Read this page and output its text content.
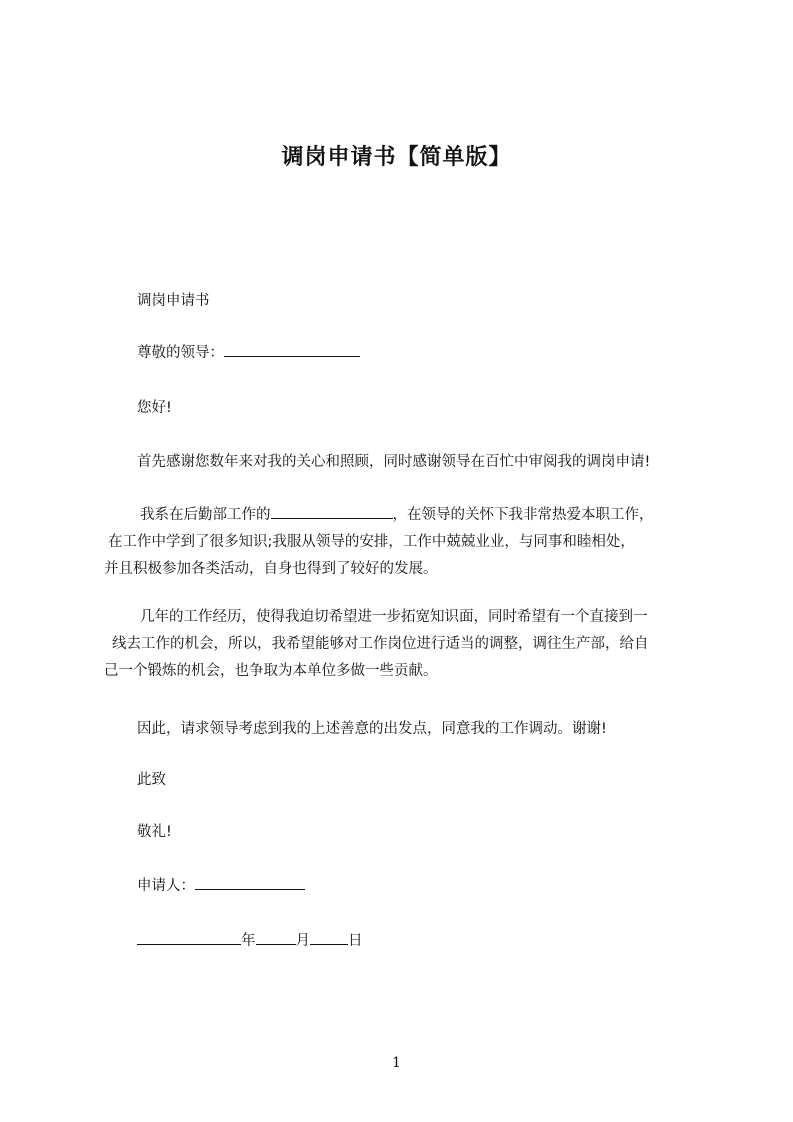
调岗申请书【简单版】
调岗申请书
尊敬的领导：
您好!
首先感谢您数年来对我的关心和照顾，同时感谢领导在百忙中审阅我的调岗申请!
我系在后勤部工作的	，在领导的关怀下我非常热爱本职工作，
在工作中学到了很多知识;我服从领导的安排，工作中兢兢业业，与同事和睦相处，
并且积极参加各类活动，自身也得到了较好的发展。
几年的工作经历，使得我迫切希望进一步拓宽知识面，同时希望有一个直接到一
线去工作的机会，所以，我希望能够对工作岗位进行适当的调整，调往生产部，给自
己一个锻炼的机会，也争取为本单位多做一些贡献。
因此，请求领导考虑到我的上述善意的出发点，同意我的工作调动。谢谢!
此致
敬礼!
申请人：
年	月	日
1
